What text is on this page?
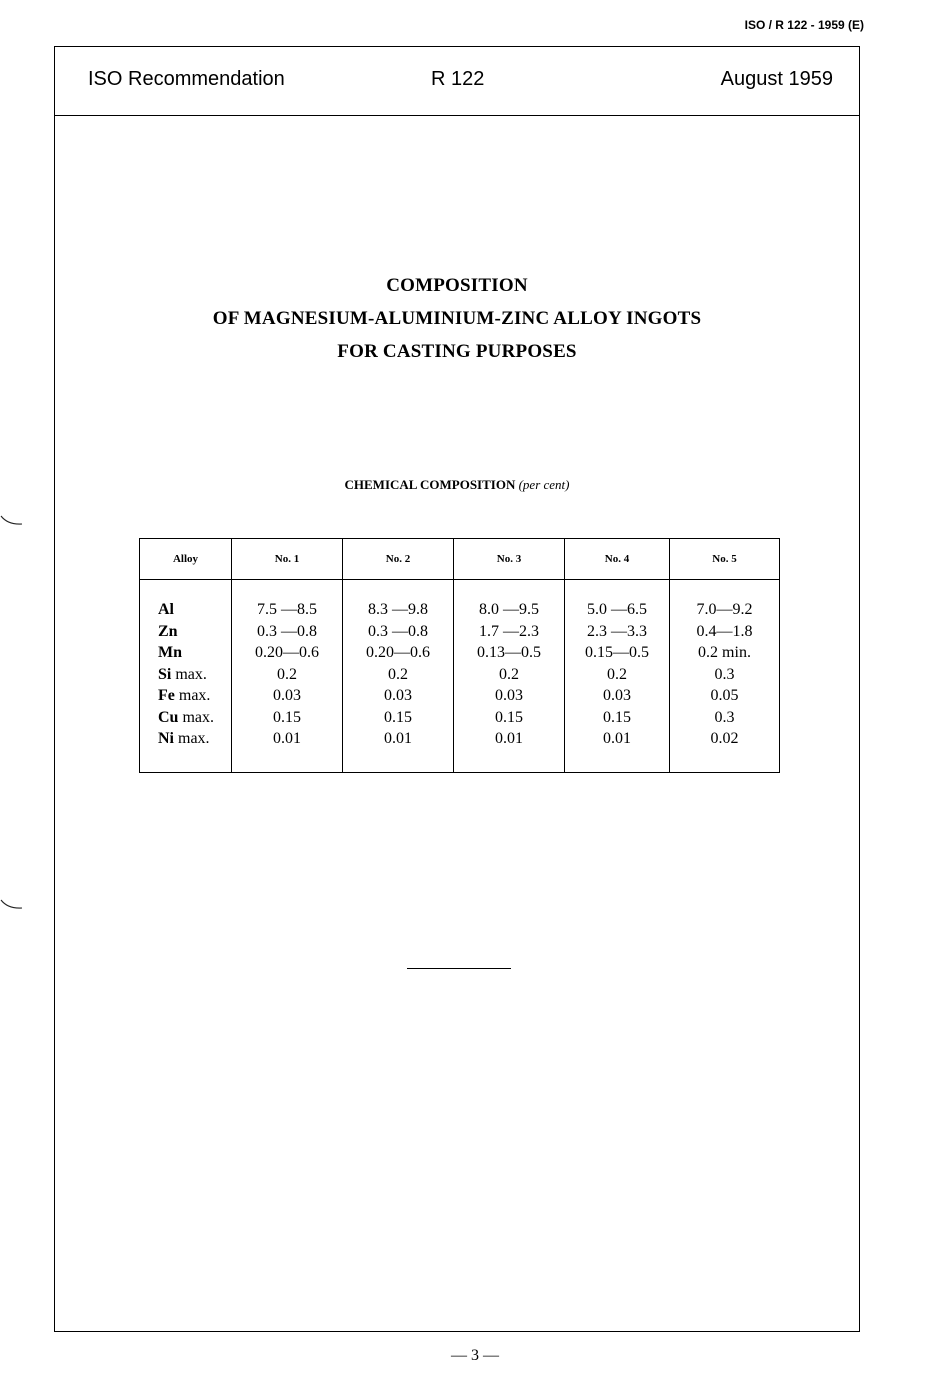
ISO / R 122 - 1959 (E)
ISO Recommendation	R 122	August 1959
COMPOSITION
OF MAGNESIUM-ALUMINIUM-ZINC ALLOY INGOTS
FOR CASTING PURPOSES
CHEMICAL COMPOSITION (per cent)
Alloy	No. 1	No. 2	No. 3	No. 4	No. 5

Al	7.5 —8.5	8.3 —9.8	8.0 —9.5	5.0 —6.5	7.0—9.2
Zn	0.3 —0.8	0.3 —0.8	1.7 —2.3	2.3 —3.3	0.4—1.8
Mn	0.20—0.6	0.20—0.6	0.13—0.5	0.15—0.5	0.2 min.
Si max.	0.2	0.2	0.2	0.2	0.3
Fe max.	0.03	0.03	0.03	0.03	0.05
Cu max.	0.15	0.15	0.15	0.15	0.3
Ni max.	0.01	0.01	0.01	0.01	0.02

— 3 —
